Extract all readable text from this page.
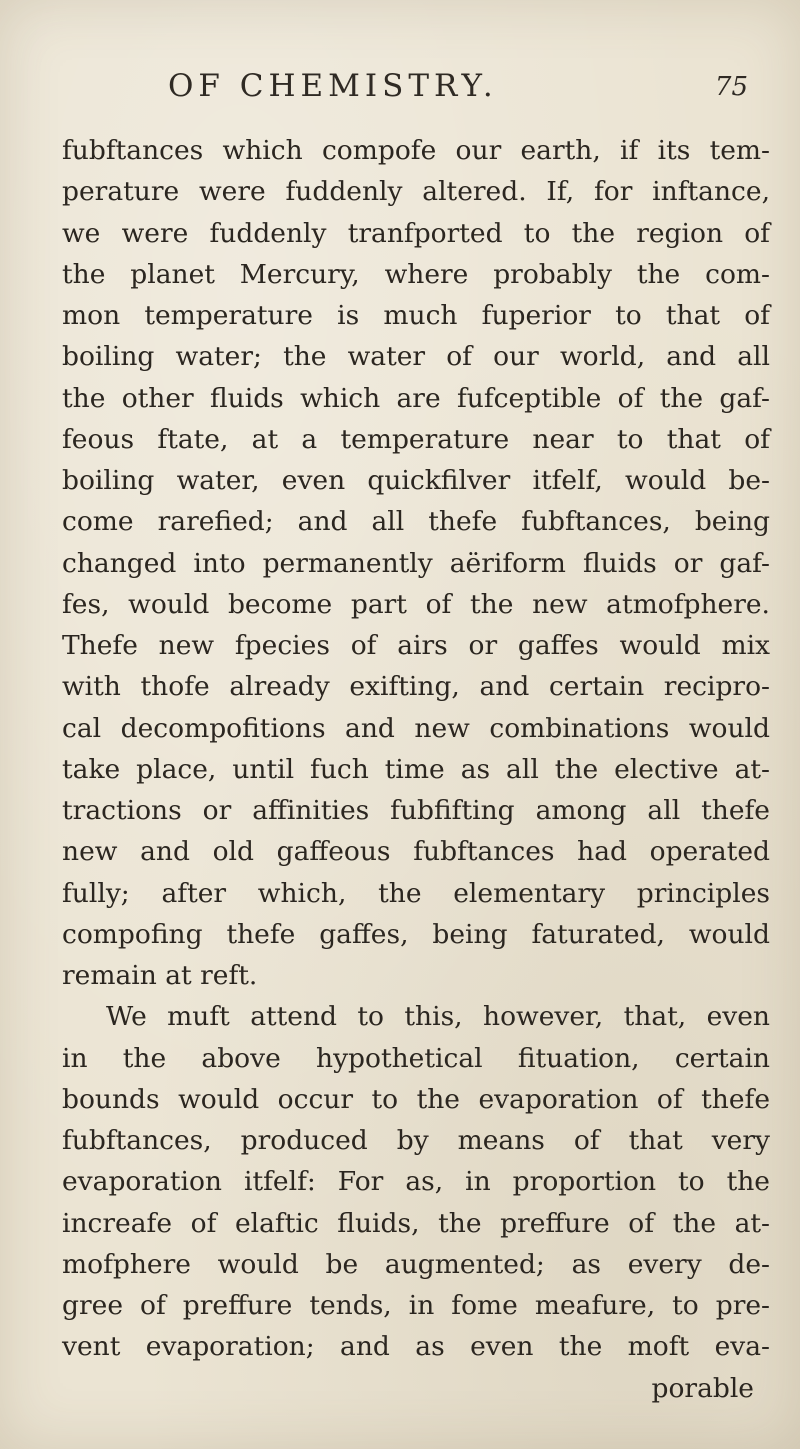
OF CHEMISTRY.	75
fubftances which compofe our earth, if its tem-
perature were fuddenly altered. If, for inftance,
we were fuddenly tranfported to the region of
the planet Mercury, where probably the com-
mon temperature is much fuperior to that of
boiling water; the water of our world, and all
the other fluids which are fufceptible of the gaf-
feous ftate, at a temperature near to that of
boiling water, even quickfilver itfelf, would be-
come rarefied; and all thefe fubftances, being
changed into permanently aëriform fluids or gaf-
fes, would become part of the new atmofphere.
Thefe new fpecies of airs or gaffes would mix
with thofe already exifting, and certain recipro-
cal decompofitions and new combinations would
take place, until fuch time as all the elective at-
tractions or affinities fubfifting among all thefe
new and old gaffeous fubftances had operated
fully; after which, the elementary principles
compofing thefe gaffes, being faturated, would
remain at reft.
We muft attend to this, however, that, even
in the above hypothetical fituation, certain
bounds would occur to the evaporation of thefe
fubftances, produced by means of that very
evaporation itfelf: For as, in proportion to the
increafe of elaftic fluids, the preffure of the at-
mofphere would be augmented; as every de-
gree of preffure tends, in fome meafure, to pre-
vent evaporation; and as even the moft eva-
porable
